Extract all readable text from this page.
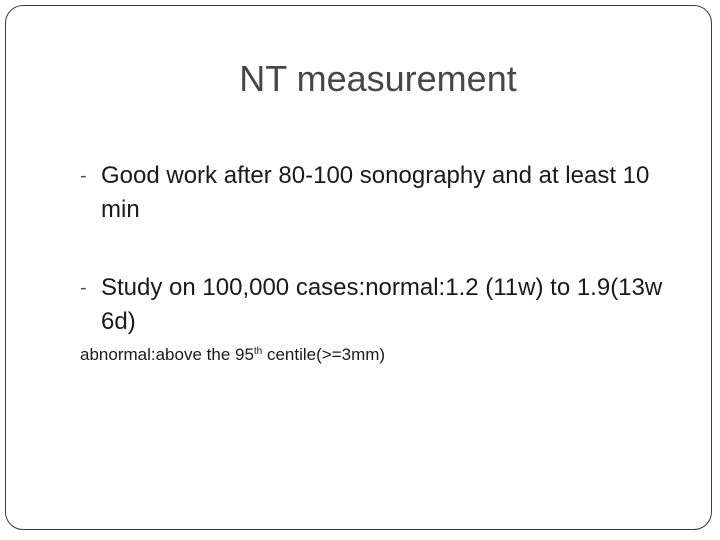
NT measurement
- Good work after 80-100 sonography and at least 10 min
- Study on 100,000 cases:normal:1.2 (11w) to 1.9(13w 6d)
abnormal:above the 95th centile(>=3mm)
